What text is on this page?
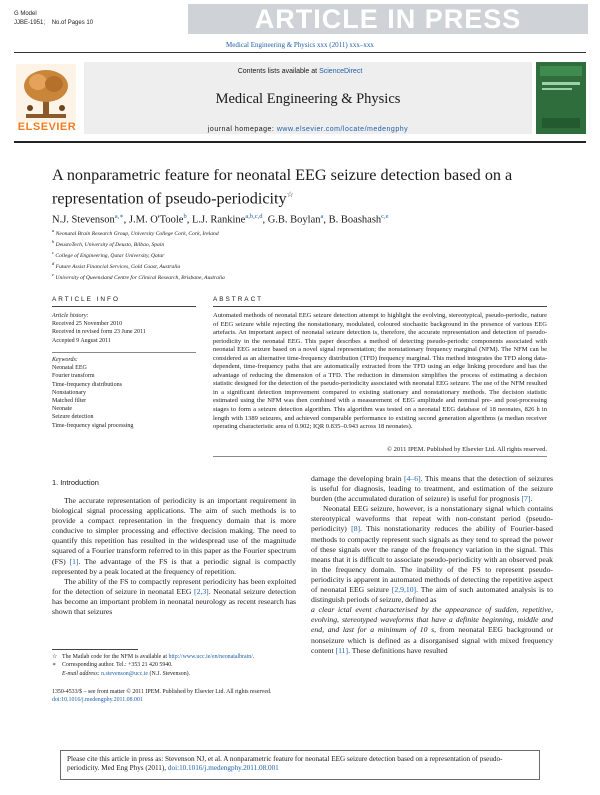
G Model
JJBE-1951; No.of Pages 10	ARTICLE IN PRESS
Medical Engineering & Physics xxx (2011) xxx–xxx
ELSEVIER
Contents lists available at ScienceDirect
Medical Engineering & Physics
journal homepage: www.elsevier.com/locate/medengphy
A nonparametric feature for neonatal EEG seizure detection based on a representation of pseudo-periodicity☆
N.J. Stevenson$^{a,∗}$, J.M. O'Toole$^b$, L.J. Rankine$^{a,b,c,d}$, G.B. Boylan$^a$, B. Boashash$^{c,e}$
$^a$ Neonatal Brain Research Group, University College Cork, Cork, Ireland
$^b$ DeustoTech, University of Deusto, Bilbao, Spain
$^c$ College of Engineering, Qatar University, Qatar
$^d$ Future Assist Financial Services, Gold Coast, Australia
$^e$ University of Queensland Centre for Clinical Research, Brisbane, Australia
ARTICLE INFO
Article history:
Received 25 November 2010
Received in revised form 23 June 2011
Accepted 9 August 2011
Keywords:
Neonatal EEG
Fourier transform
Time-frequency distributions
Nonstationary
Matched filter
Neonate
Seizure detection
Time-frequency signal processing
ABSTRACT
Automated methods of neonatal EEG seizure detection attempt to highlight the evolving, stereotypical, pseudo-periodic, nature of EEG seizure while rejecting the nonstationary, modulated, coloured stochastic background in the presence of various EEG artefacts. An important aspect of neonatal seizure detection is, therefore, the accurate representation and detection of pseudo-periodicity in the neonatal EEG. This paper describes a method of detecting pseudo-periodic components associated with neonatal EEG seizure based on a novel signal representation; the nonstationary frequency marginal (NFM). The NFM can be considered as an alternative time-frequency distribution (TFD) frequency marginal. This method integrates the TFD along data-dependent, time-frequency paths that are automatically extracted from the TFD using an edge linking procedure and has the advantage of reducing the dimension of a TFD. The reduction in dimension simplifies the process of estimating a decision statistic designed for the detection of the pseudo-periodicity associated with neonatal EEG seizure. The use of the NFM resulted in a significant detection improvement compared to existing stationary and nonstationary methods. The decision statistic estimated using the NFM was then combined with a measurement of EEG amplitude and nominal pre- and post-processing stages to form a seizure detection algorithm. This algorithm was tested on a neonatal EEG database of 18 neonates, 826 h in length with 1389 seizures, and achieved comparable performance to existing second generation algorithms (a median receiver operating characteristic area of 0.902; IQR 0.835–0.943 across 18 neonates).
© 2011 IPEM. Published by Elsevier Ltd. All rights reserved.
1. Introduction

The accurate representation of periodicity is an important requirement in biological signal processing applications. The aim of such methods is to provide a compact representation in the frequency domain that is more conducive to simpler processing and effective decision making. The need to quantify this repetition has resulted in the widespread use of the magnitude squared of a Fourier transform referred to in this paper as the Fourier spectrum (FS) [1]. The advantage of the FS is that a periodic signal is compactly represented by a peak located at the frequency of repetition.

The ability of the FS to compactly represent periodicity has been exploited for the detection of seizure in neonatal EEG [2,3]. Neonatal seizure detection has become an important problem in neonatal neurology as recent research has shown that seizures

damage the developing brain [4–6]. This means that the detection of seizures is useful for diagnosis, leading to treatment, and estimation of the seizure burden (the accumulated duration of seizure) is useful for prognosis [7].

Neonatal EEG seizure, however, is a nonstationary signal which contains stereotypical waveforms that repeat with non-constant period (pseudo-periodicity) [8]. This nonstationarity reduces the ability of Fourier-based methods to compactly represent such signals as they tend to spread the power of these signals over the range of the frequency variation in the signal. This means that it is difficult to associate pseudo-periodicity with an observed peak in the frequency domain. The inability of the FS to represent pseudo-periodicity is apparent in automated methods of detecting the repetitive aspect of neonatal EEG seizure [2,9,10]. The aim of such automated analysis is to distinguish periods of seizure, defined as

a clear ictal event characterised by the appearance of sudden, repetitive, evolving, stereotyped waveforms that have a definite beginning, middle and end, and last for a minimum of 10 s, from neonatal EEG background or nonseizure which is defined as a disorganised signal with mixed frequency content [11]. These definitions have resulted

☆ The Matlab code for the NFM is available at http://www.ucc.ie/en/neonatalbrain/.
∗ Corresponding author. Tel.: +353 21 420 5940.
E-mail address: n.stevenson@ucc.ie (N.J. Stevenson).
1350-4533/$ – see front matter © 2011 IPEM. Published by Elsevier Ltd. All rights reserved.
doi:10.1016/j.medengphy.2011.08.001
Please cite this article in press as: Stevenson NJ, et al. A nonparametric feature for neonatal EEG seizure detection based on a representation of pseudo-periodicity. Med Eng Phys (2011), doi:10.1016/j.medengphy.2011.08.001
